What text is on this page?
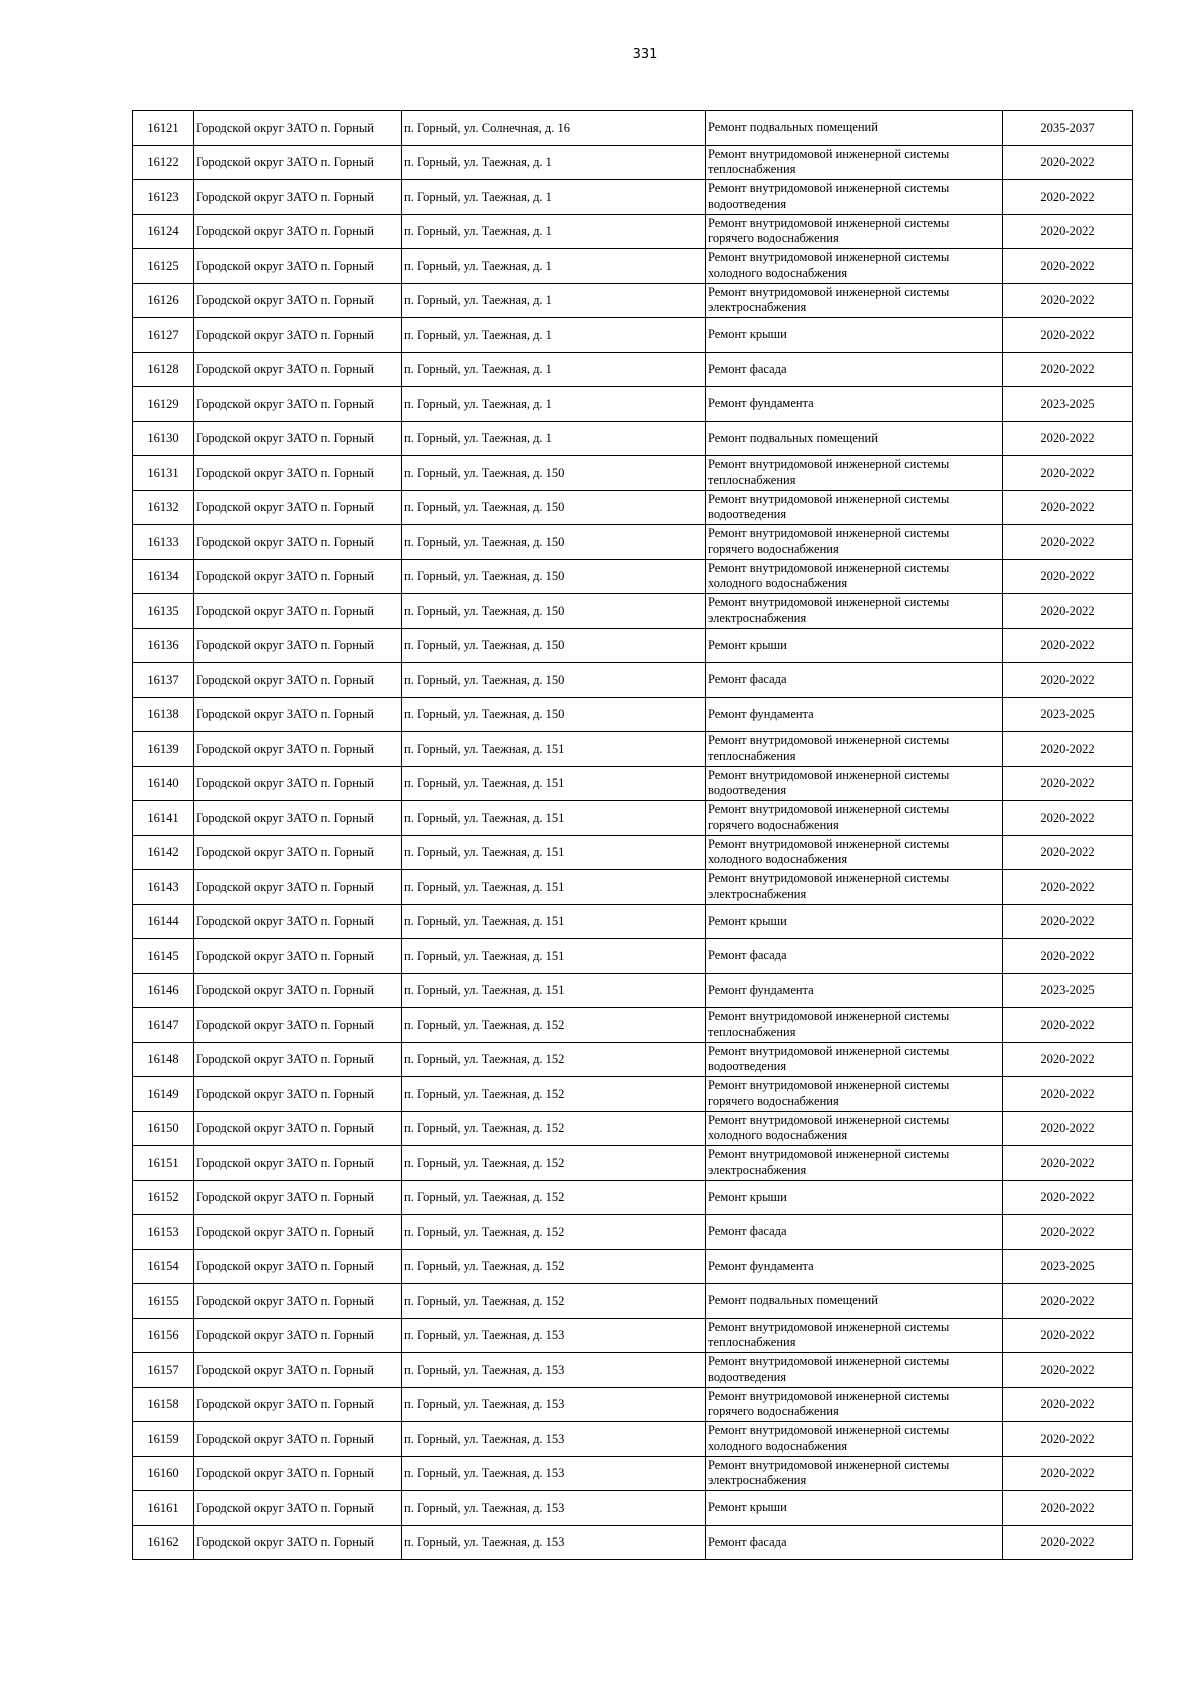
331
16121	Городской округ ЗАТО п. Горный	п. Горный, ул. Солнечная, д. 16	Ремонт подвальных помещений	2035-2037
16122	Городской округ ЗАТО п. Горный	п. Горный, ул. Таежная, д. 1	Ремонт внутридомовой инженерной системы теплоснабжения	2020-2022
16123	Городской округ ЗАТО п. Горный	п. Горный, ул. Таежная, д. 1	Ремонт внутридомовой инженерной системы водоотведения	2020-2022
16124	Городской округ ЗАТО п. Горный	п. Горный, ул. Таежная, д. 1	Ремонт внутридомовой инженерной системы горячего водоснабжения	2020-2022
16125	Городской округ ЗАТО п. Горный	п. Горный, ул. Таежная, д. 1	Ремонт внутридомовой инженерной системы холодного водоснабжения	2020-2022
16126	Городской округ ЗАТО п. Горный	п. Горный, ул. Таежная, д. 1	Ремонт внутридомовой инженерной системы электроснабжения	2020-2022
16127	Городской округ ЗАТО п. Горный	п. Горный, ул. Таежная, д. 1	Ремонт крыши	2020-2022
16128	Городской округ ЗАТО п. Горный	п. Горный, ул. Таежная, д. 1	Ремонт фасада	2020-2022
16129	Городской округ ЗАТО п. Горный	п. Горный, ул. Таежная, д. 1	Ремонт фундамента	2023-2025
16130	Городской округ ЗАТО п. Горный	п. Горный, ул. Таежная, д. 1	Ремонт подвальных помещений	2020-2022
16131	Городской округ ЗАТО п. Горный	п. Горный, ул. Таежная, д. 150	Ремонт внутридомовой инженерной системы теплоснабжения	2020-2022
16132	Городской округ ЗАТО п. Горный	п. Горный, ул. Таежная, д. 150	Ремонт внутридомовой инженерной системы водоотведения	2020-2022
16133	Городской округ ЗАТО п. Горный	п. Горный, ул. Таежная, д. 150	Ремонт внутридомовой инженерной системы горячего водоснабжения	2020-2022
16134	Городской округ ЗАТО п. Горный	п. Горный, ул. Таежная, д. 150	Ремонт внутридомовой инженерной системы холодного водоснабжения	2020-2022
16135	Городской округ ЗАТО п. Горный	п. Горный, ул. Таежная, д. 150	Ремонт внутридомовой инженерной системы электроснабжения	2020-2022
16136	Городской округ ЗАТО п. Горный	п. Горный, ул. Таежная, д. 150	Ремонт крыши	2020-2022
16137	Городской округ ЗАТО п. Горный	п. Горный, ул. Таежная, д. 150	Ремонт фасада	2020-2022
16138	Городской округ ЗАТО п. Горный	п. Горный, ул. Таежная, д. 150	Ремонт фундамента	2023-2025
16139	Городской округ ЗАТО п. Горный	п. Горный, ул. Таежная, д. 151	Ремонт внутридомовой инженерной системы теплоснабжения	2020-2022
16140	Городской округ ЗАТО п. Горный	п. Горный, ул. Таежная, д. 151	Ремонт внутридомовой инженерной системы водоотведения	2020-2022
16141	Городской округ ЗАТО п. Горный	п. Горный, ул. Таежная, д. 151	Ремонт внутридомовой инженерной системы горячего водоснабжения	2020-2022
16142	Городской округ ЗАТО п. Горный	п. Горный, ул. Таежная, д. 151	Ремонт внутридомовой инженерной системы холодного водоснабжения	2020-2022
16143	Городской округ ЗАТО п. Горный	п. Горный, ул. Таежная, д. 151	Ремонт внутридомовой инженерной системы электроснабжения	2020-2022
16144	Городской округ ЗАТО п. Горный	п. Горный, ул. Таежная, д. 151	Ремонт крыши	2020-2022
16145	Городской округ ЗАТО п. Горный	п. Горный, ул. Таежная, д. 151	Ремонт фасада	2020-2022
16146	Городской округ ЗАТО п. Горный	п. Горный, ул. Таежная, д. 151	Ремонт фундамента	2023-2025
16147	Городской округ ЗАТО п. Горный	п. Горный, ул. Таежная, д. 152	Ремонт внутридомовой инженерной системы теплоснабжения	2020-2022
16148	Городской округ ЗАТО п. Горный	п. Горный, ул. Таежная, д. 152	Ремонт внутридомовой инженерной системы водоотведения	2020-2022
16149	Городской округ ЗАТО п. Горный	п. Горный, ул. Таежная, д. 152	Ремонт внутридомовой инженерной системы горячего водоснабжения	2020-2022
16150	Городской округ ЗАТО п. Горный	п. Горный, ул. Таежная, д. 152	Ремонт внутридомовой инженерной системы холодного водоснабжения	2020-2022
16151	Городской округ ЗАТО п. Горный	п. Горный, ул. Таежная, д. 152	Ремонт внутридомовой инженерной системы электроснабжения	2020-2022
16152	Городской округ ЗАТО п. Горный	п. Горный, ул. Таежная, д. 152	Ремонт крыши	2020-2022
16153	Городской округ ЗАТО п. Горный	п. Горный, ул. Таежная, д. 152	Ремонт фасада	2020-2022
16154	Городской округ ЗАТО п. Горный	п. Горный, ул. Таежная, д. 152	Ремонт фундамента	2023-2025
16155	Городской округ ЗАТО п. Горный	п. Горный, ул. Таежная, д. 152	Ремонт подвальных помещений	2020-2022
16156	Городской округ ЗАТО п. Горный	п. Горный, ул. Таежная, д. 153	Ремонт внутридомовой инженерной системы теплоснабжения	2020-2022
16157	Городской округ ЗАТО п. Горный	п. Горный, ул. Таежная, д. 153	Ремонт внутридомовой инженерной системы водоотведения	2020-2022
16158	Городской округ ЗАТО п. Горный	п. Горный, ул. Таежная, д. 153	Ремонт внутридомовой инженерной системы горячего водоснабжения	2020-2022
16159	Городской округ ЗАТО п. Горный	п. Горный, ул. Таежная, д. 153	Ремонт внутридомовой инженерной системы холодного водоснабжения	2020-2022
16160	Городской округ ЗАТО п. Горный	п. Горный, ул. Таежная, д. 153	Ремонт внутридомовой инженерной системы электроснабжения	2020-2022
16161	Городской округ ЗАТО п. Горный	п. Горный, ул. Таежная, д. 153	Ремонт крыши	2020-2022
16162	Городской округ ЗАТО п. Горный	п. Горный, ул. Таежная, д. 153	Ремонт фасада	2020-2022
